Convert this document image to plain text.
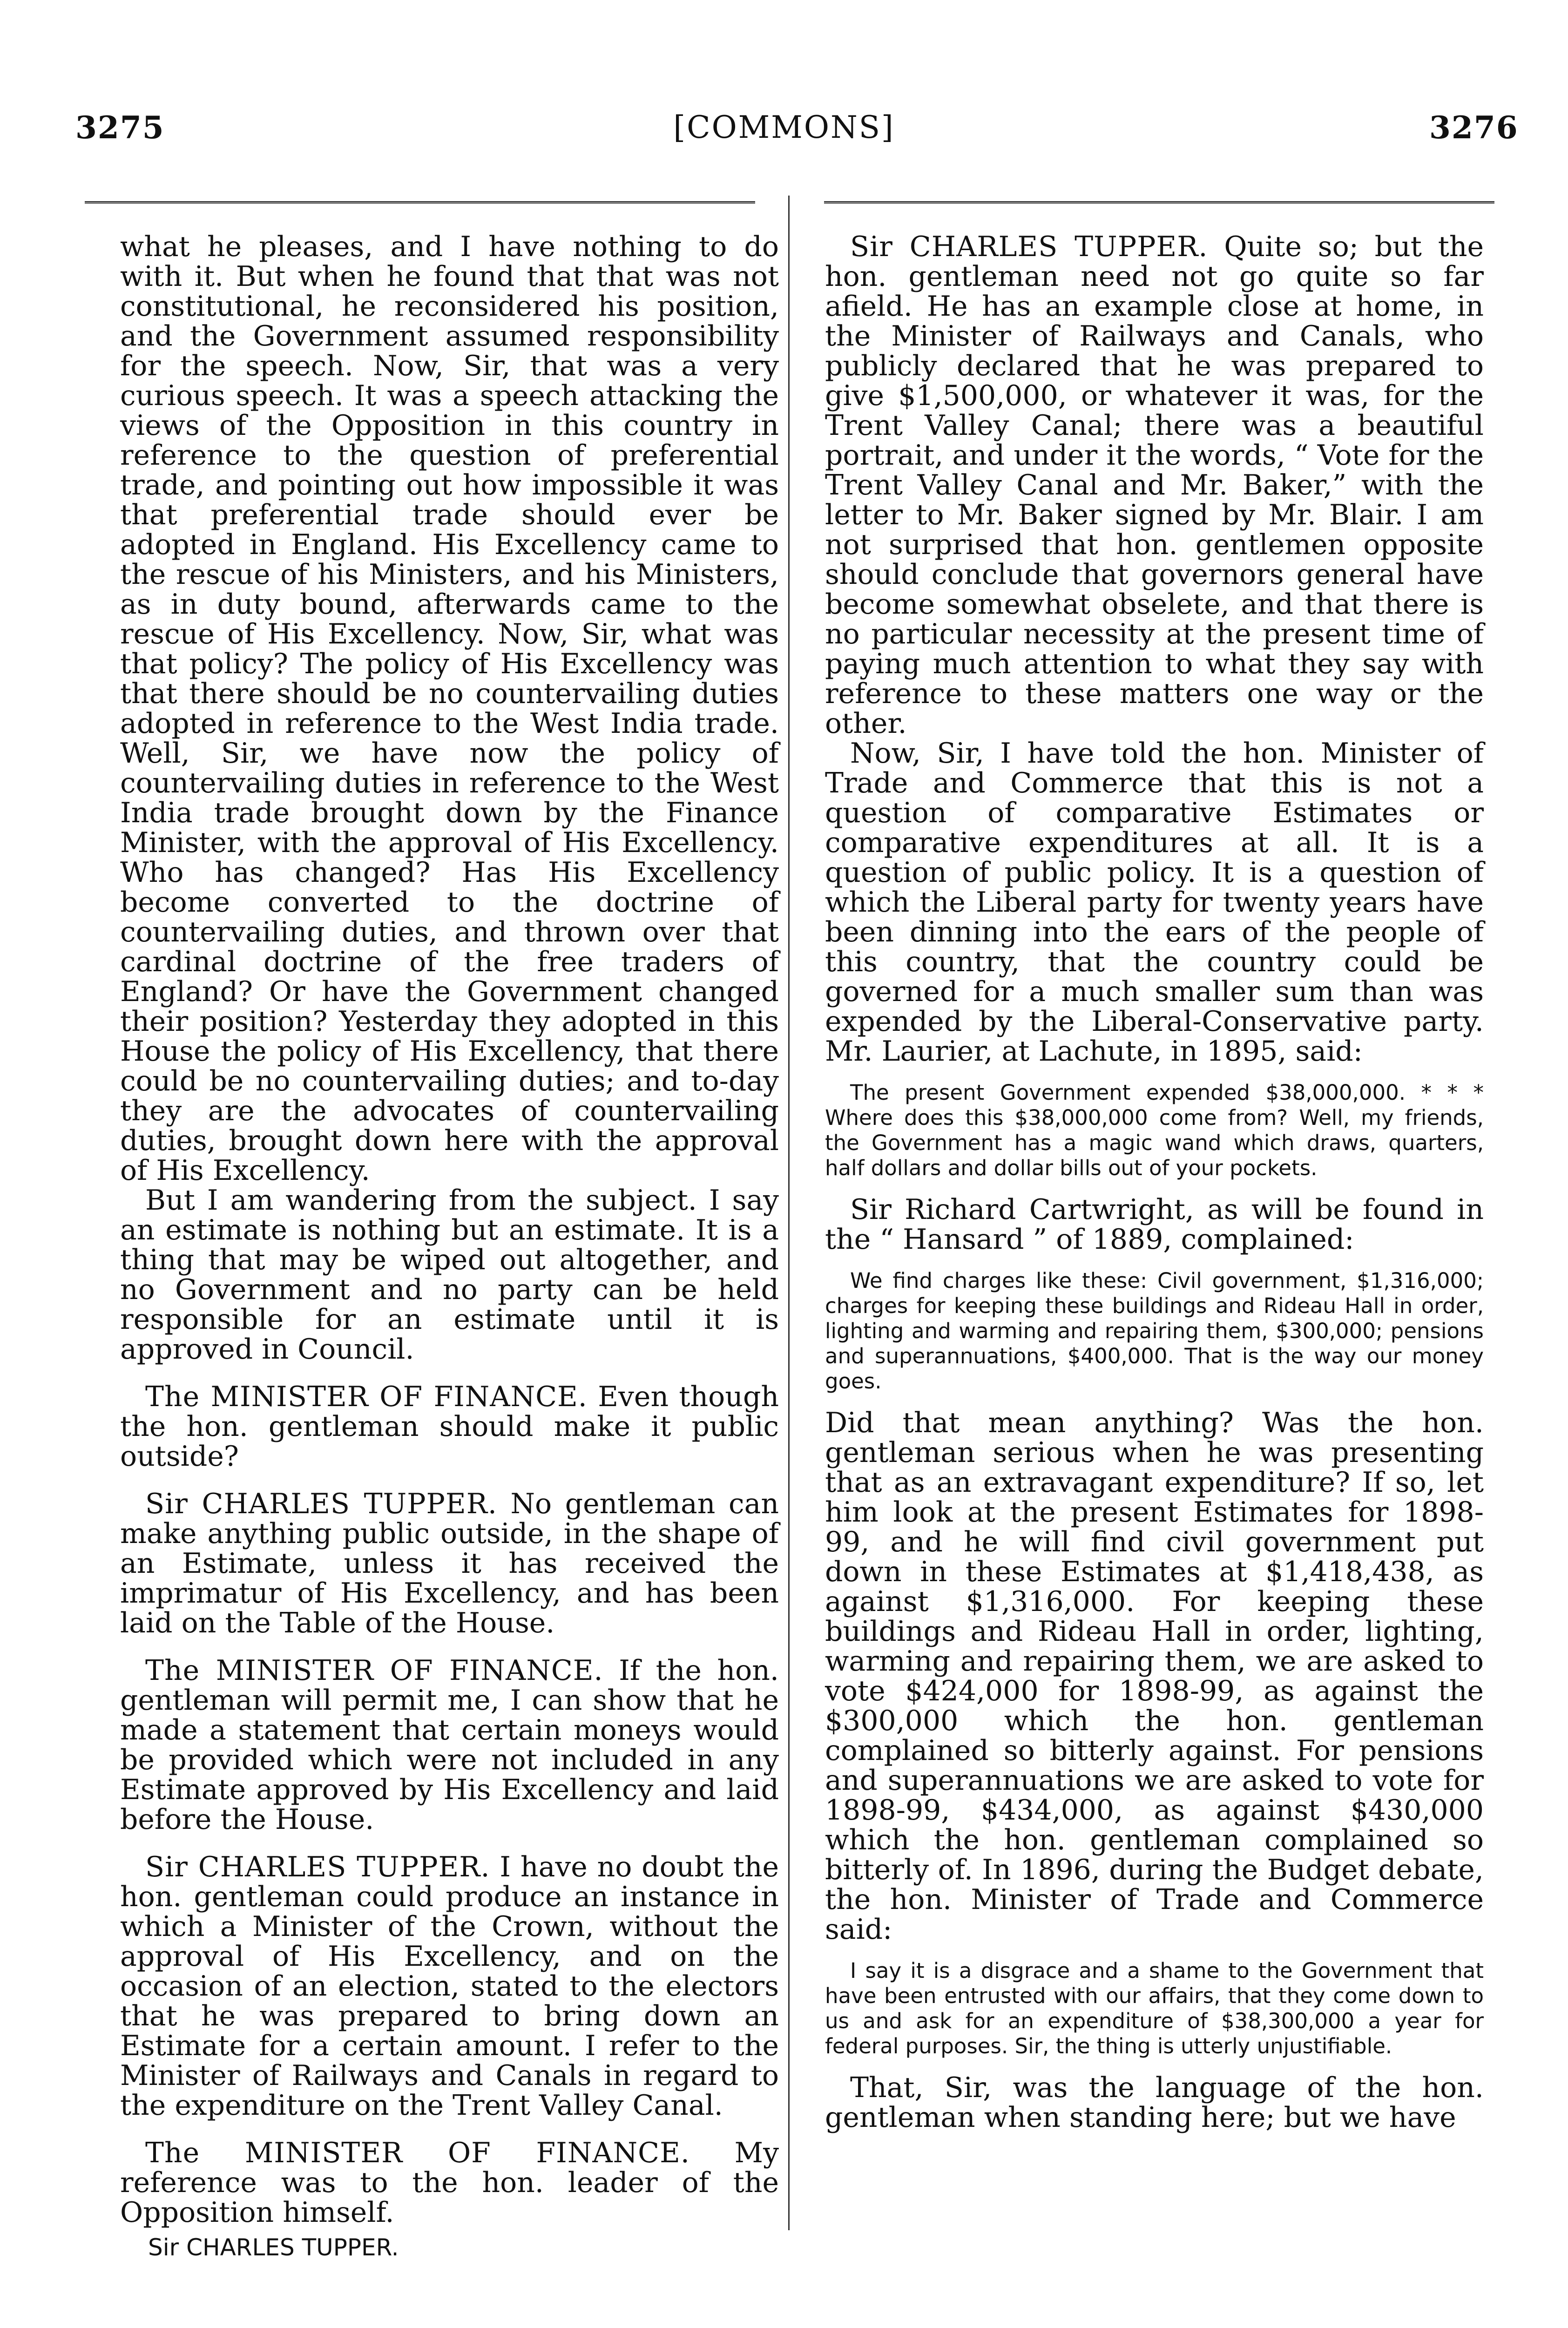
3275	[COMMONS]	3276

what he pleases, and I have nothing to do with it. But when he found that that was not constitutional, he reconsidered his position, and the Government assumed responsibility for the speech. Now, Sir, that was a very curious speech. It was a speech attacking the views of the Opposition in this country in reference to the question of preferential trade, and pointing out how impossible it was that preferential trade should ever be adopted in England. His Excellency came to the rescue of his Ministers, and his Ministers, as in duty bound, afterwards came to the rescue of His Excellency. Now, Sir, what was that policy? The policy of His Excellency was that there should be no countervailing duties adopted in reference to the West India trade. Well, Sir, we have now the policy of countervailing duties in reference to the West India trade brought down by the Finance Minister, with the approval of His Excellency. Who has changed? Has His Excellency become converted to the doctrine of countervailing duties, and thrown over that cardinal doctrine of the free traders of England? Or have the Government changed their position? Yesterday they adopted in this House the policy of His Excellency, that there could be no countervailing duties; and to-day they are the advocates of countervailing duties, brought down here with the approval of His Excellency.

But I am wandering from the subject. I say an estimate is nothing but an estimate. It is a thing that may be wiped out altogether, and no Government and no party can be held responsible for an estimate until it is approved in Council.

The MINISTER OF FINANCE. Even though the hon. gentleman should make it public outside?

Sir CHARLES TUPPER. No gentleman can make anything public outside, in the shape of an Estimate, unless it has received the imprimatur of His Excellency, and has been laid on the Table of the House.

The MINISTER OF FINANCE. If the hon. gentleman will permit me, I can show that he made a statement that certain moneys would be provided which were not included in any Estimate approved by His Excellency and laid before the House.

Sir CHARLES TUPPER. I have no doubt the hon. gentleman could produce an instance in which a Minister of the Crown, without the approval of His Excellency, and on the occasion of an election, stated to the electors that he was prepared to bring down an Estimate for a certain amount. I refer to the Minister of Railways and Canals in regard to the expenditure on the Trent Valley Canal.

The MINISTER OF FINANCE. My reference was to the hon. leader of the Opposition himself.

Sir CHARLES TUPPER.

Sir CHARLES TUPPER. Quite so; but the hon. gentleman need not go quite so far afield. He has an example close at home, in the Minister of Railways and Canals, who publicly declared that he was prepared to give $1,500,000, or whatever it was, for the Trent Valley Canal; there was a beautiful portrait, and under it the words, “ Vote for the Trent Valley Canal and Mr. Baker,” with the letter to Mr. Baker signed by Mr. Blair. I am not surprised that hon. gentlemen opposite should conclude that governors general have become somewhat obselete, and that there is no particular necessity at the present time of paying much attention to what they say with reference to these matters one way or the other.

Now, Sir, I have told the hon. Minister of Trade and Commerce that this is not a question of comparative Estimates or comparative expenditures at all. It is a question of public policy. It is a question of which the Liberal party for twenty years have been dinning into the ears of the people of this country, that the country could be governed for a much smaller sum than was expended by the Liberal-Conservative party. Mr. Laurier, at Lachute, in 1895, said:

The present Government expended $38,000,000. * * * Where does this $38,000,000 come from? Well, my friends, the Government has a magic wand which draws, quarters, half dollars and dollar bills out of your pockets.

Sir Richard Cartwright, as will be found in the “ Hansard ” of 1889, complained:

We find charges like these: Civil government, $1,316,000; charges for keeping these buildings and Rideau Hall in order, lighting and warming and repairing them, $300,000; pensions and superannuations, $400,000. That is the way our money goes.

Did that mean anything? Was the hon. gentleman serious when he was presenting that as an extravagant expenditure? If so, let him look at the present Estimates for 1898-99, and he will find civil government put down in these Estimates at $1,418,438, as against $1,316,000. For keeping these buildings and Rideau Hall in order, lighting, warming and repairing them, we are asked to vote $424,000 for 1898-99, as against the $300,000 which the hon. gentleman complained so bitterly against. For pensions and superannuations we are asked to vote for 1898-99, $434,000, as against $430,000 which the hon. gentleman complained so bitterly of. In 1896, during the Budget debate, the hon. Minister of Trade and Commerce said:

I say it is a disgrace and a shame to the Government that have been entrusted with our affairs, that they come down to us and ask for an expenditure of $38,300,000 a year for federal purposes. Sir, the thing is utterly unjustifiable.

That, Sir, was the language of the hon. gentleman when standing here; but we have
